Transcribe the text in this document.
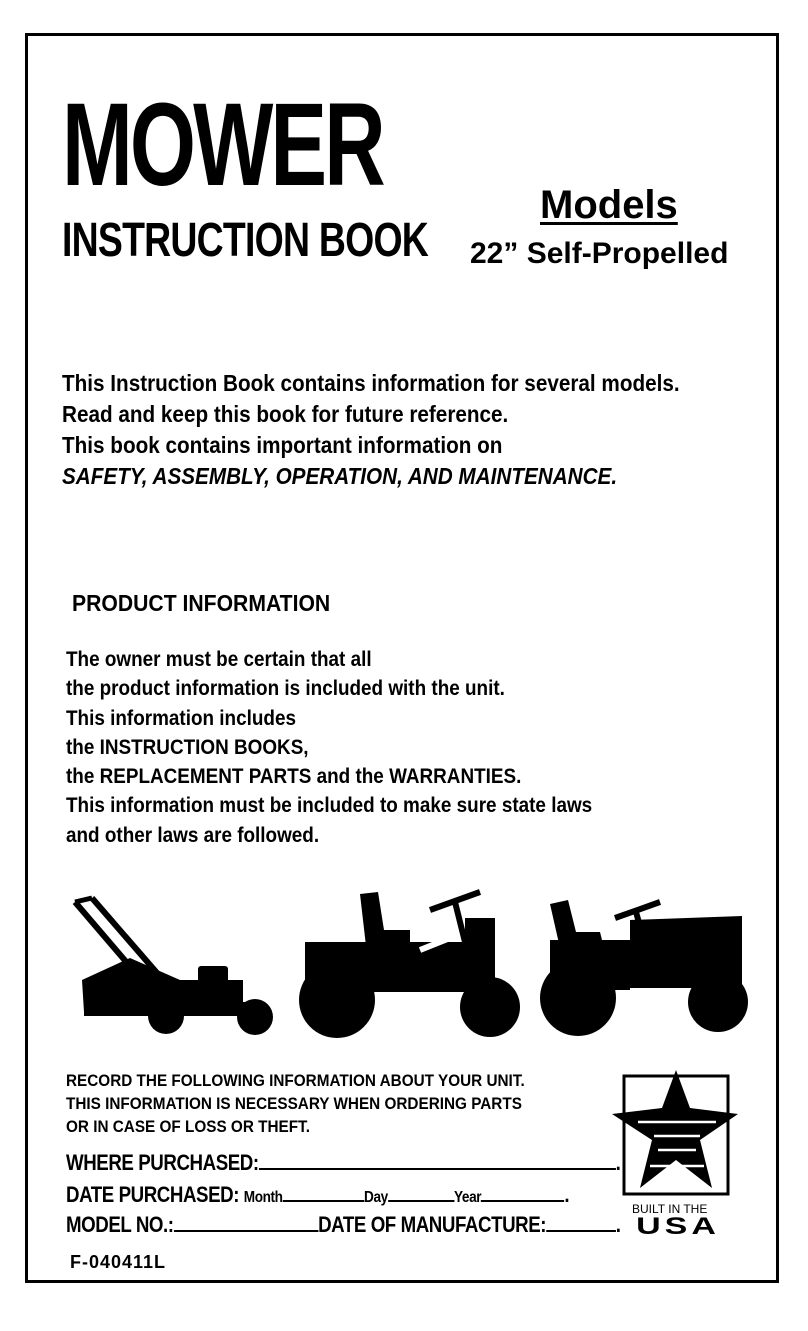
MOWER
INSTRUCTION BOOK
Models
22” Self-Propelled
This Instruction Book contains information for several models.
Read and keep this book for future reference.
This book contains important information on
SAFETY, ASSEMBLY, OPERATION, AND MAINTENANCE.
PRODUCT INFORMATION
The owner must be certain that all
the product information is included with the unit.
This information includes
the INSTRUCTION BOOKS,
the REPLACEMENT PARTS and the WARRANTIES.
This information must be included to make sure state laws
and other laws are followed.
RECORD THE FOLLOWING INFORMATION ABOUT YOUR UNIT.
THIS INFORMATION IS NECESSARY WHEN ORDERING PARTS
OR IN CASE OF LOSS OR THEFT.
WHERE PURCHASED:	.
DATE PURCHASED: Month	Day	Year	.
MODEL NO.:	DATE OF MANUFACTURE:	.
F-040411L
USA
BUILT IN THE
